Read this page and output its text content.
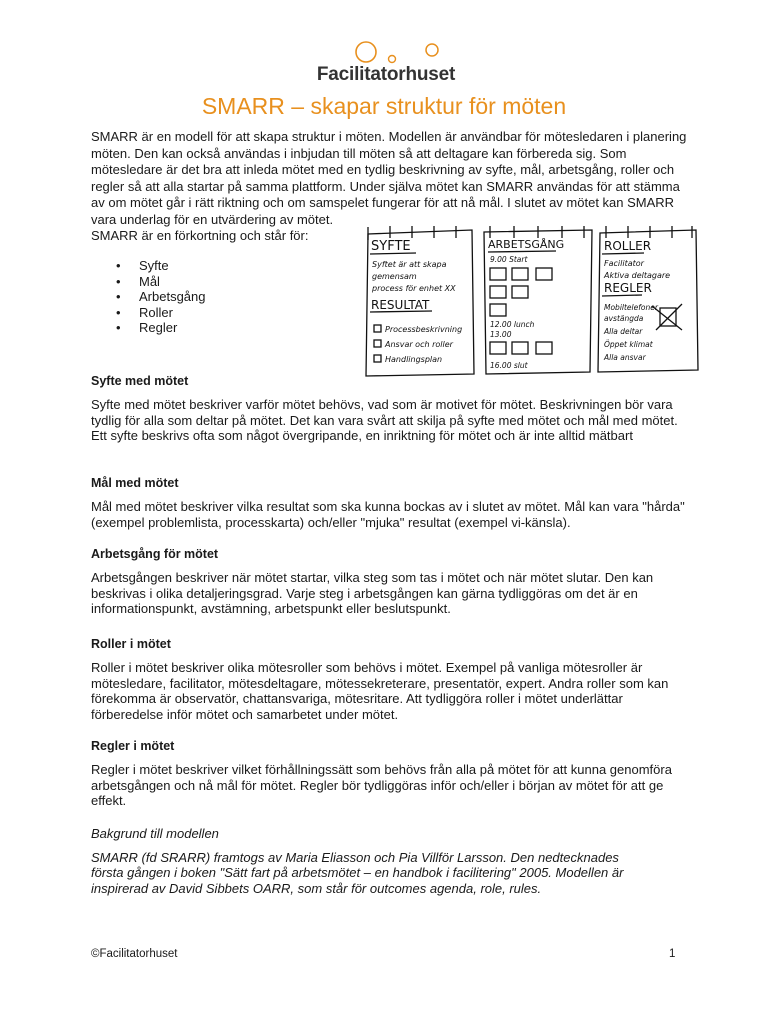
Facilitatorhuset
SMARR – skapar struktur för möten
SMARR är en modell för att skapa struktur i möten. Modellen är användbar för mötesledaren i planering möten. Den kan också användas i inbjudan till möten så att deltagare kan förbereda sig. Som mötesledare är det bra att inleda mötet med en tydlig beskrivning av syfte, mål, arbetsgång, roller och regler så att alla startar på samma plattform. Under själva mötet kan SMARR användas för att stämma av om mötet går i rätt riktning och om samspelet fungerar för att nå mål. I slutet av mötet kan SMARR vara underlag för en utvärdering av mötet.
SMARR är en förkortning och står för:
• Syfte
• Mål
• Arbetsgång
• Roller
• Regler
SYFTE
Syftet är att skapa
gemensam
process för enhet XX
RESULTAT
Processbeskrivning
Ansvar och roller
Handlingsplan
ARBETSGÅNG
9.00 Start
12.00 lunch
13.00
16.00 slut
ROLLER
Facilitator
Aktiva deltagare
REGLER
Mobiltelefoner
avstängda
Alla deltar
Öppet klimat
Alla ansvar
Syfte med mötet

Syfte med mötet beskriver varför mötet behövs, vad som är motivet för mötet. Beskrivningen bör vara tydlig för alla som deltar på mötet. Det kan vara svårt att skilja på syfte med mötet och mål med mötet. Ett syfte beskrivs ofta som något övergripande, en inriktning för mötet och är inte alltid mätbart

Mål med mötet

Mål med mötet beskriver vilka resultat som ska kunna bockas av i slutet av mötet. Mål kan vara "hårda" (exempel problemlista, processkarta) och/eller "mjuka" resultat (exempel vi-känsla).

Arbetsgång för mötet

Arbetsgången beskriver när mötet startar, vilka steg som tas i mötet och när mötet slutar. Den kan beskrivas i olika detaljeringsgrad. Varje steg i arbetsgången kan gärna tydliggöras om det är en informationspunkt, avstämning, arbetspunkt eller beslutspunkt.

Roller i mötet

Roller i mötet beskriver olika mötesroller som behövs i mötet. Exempel på vanliga mötesroller är mötesledare, facilitator, mötesdeltagare, mötessekreterare, presentatör, expert. Andra roller som kan förekomma är observatör, chattansvariga, mötesritare. Att tydliggöra roller i mötet underlättar förberedelse inför mötet och samarbetet under mötet.

Regler i mötet

Regler i mötet beskriver vilket förhållningssätt som behövs från alla på mötet för att kunna genomföra arbetsgången och nå mål för mötet. Regler bör tydliggöras inför och/eller i början av mötet för att ge effekt.

Bakgrund till modellen

SMARR (fd SRARR) framtogs av Maria Eliasson och Pia Villför Larsson. Den nedtecknades första gången i boken "Sätt fart på arbetsmötet – en handbok i facilitering" 2005. Modellen är inspirerad av David Sibbets OARR, som står för outcomes agenda, role, rules.

©Facilitatorhuset	1
